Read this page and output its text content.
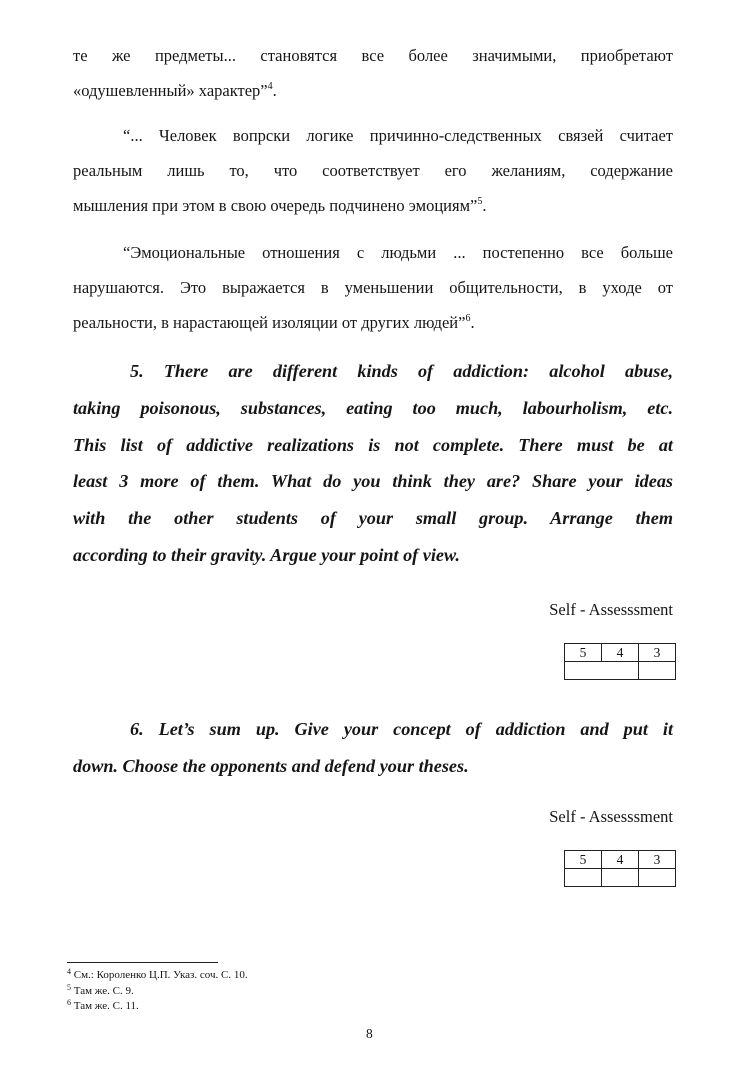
те же предметы... становятся все более значимыми, приобретают
«одушевленный» характер”$^4$.
“... Человек вопрски логике причинно-следственных связей считает
реальным лишь то, что соответствует его желаниям, содержание
мышления при этом в свою очередь подчинено эмоциям”$^5$.
“Эмоциональные отношения с людьми ... постепенно все больше
нарушаются. Это выражается в уменьшении общительности, в уходе от
реальности, в нарастающей изоляции от других людей”$^6$.
5. There are different kinds of addiction: alcohol abuse,
taking poisonous, substances, eating too much, labourholism, etc.
This list of addictive realizations is not complete. There must be at
least 3 more of them. What do you think they are? Share your ideas
with the other students of your small group. Arrange them
according to their gravity. Argue your point of view.
Self - Assesssment
5	4	3

6. Let’s sum up. Give your concept of addiction and put it
down. Choose the opponents and defend your theses.
Self - Assesssment
5	4	3

$^4$ См.: Короленко Ц.П. Указ. соч. С. 10.
$^5$ Там же. С. 9.
$^6$ Там же. С. 11.
8
